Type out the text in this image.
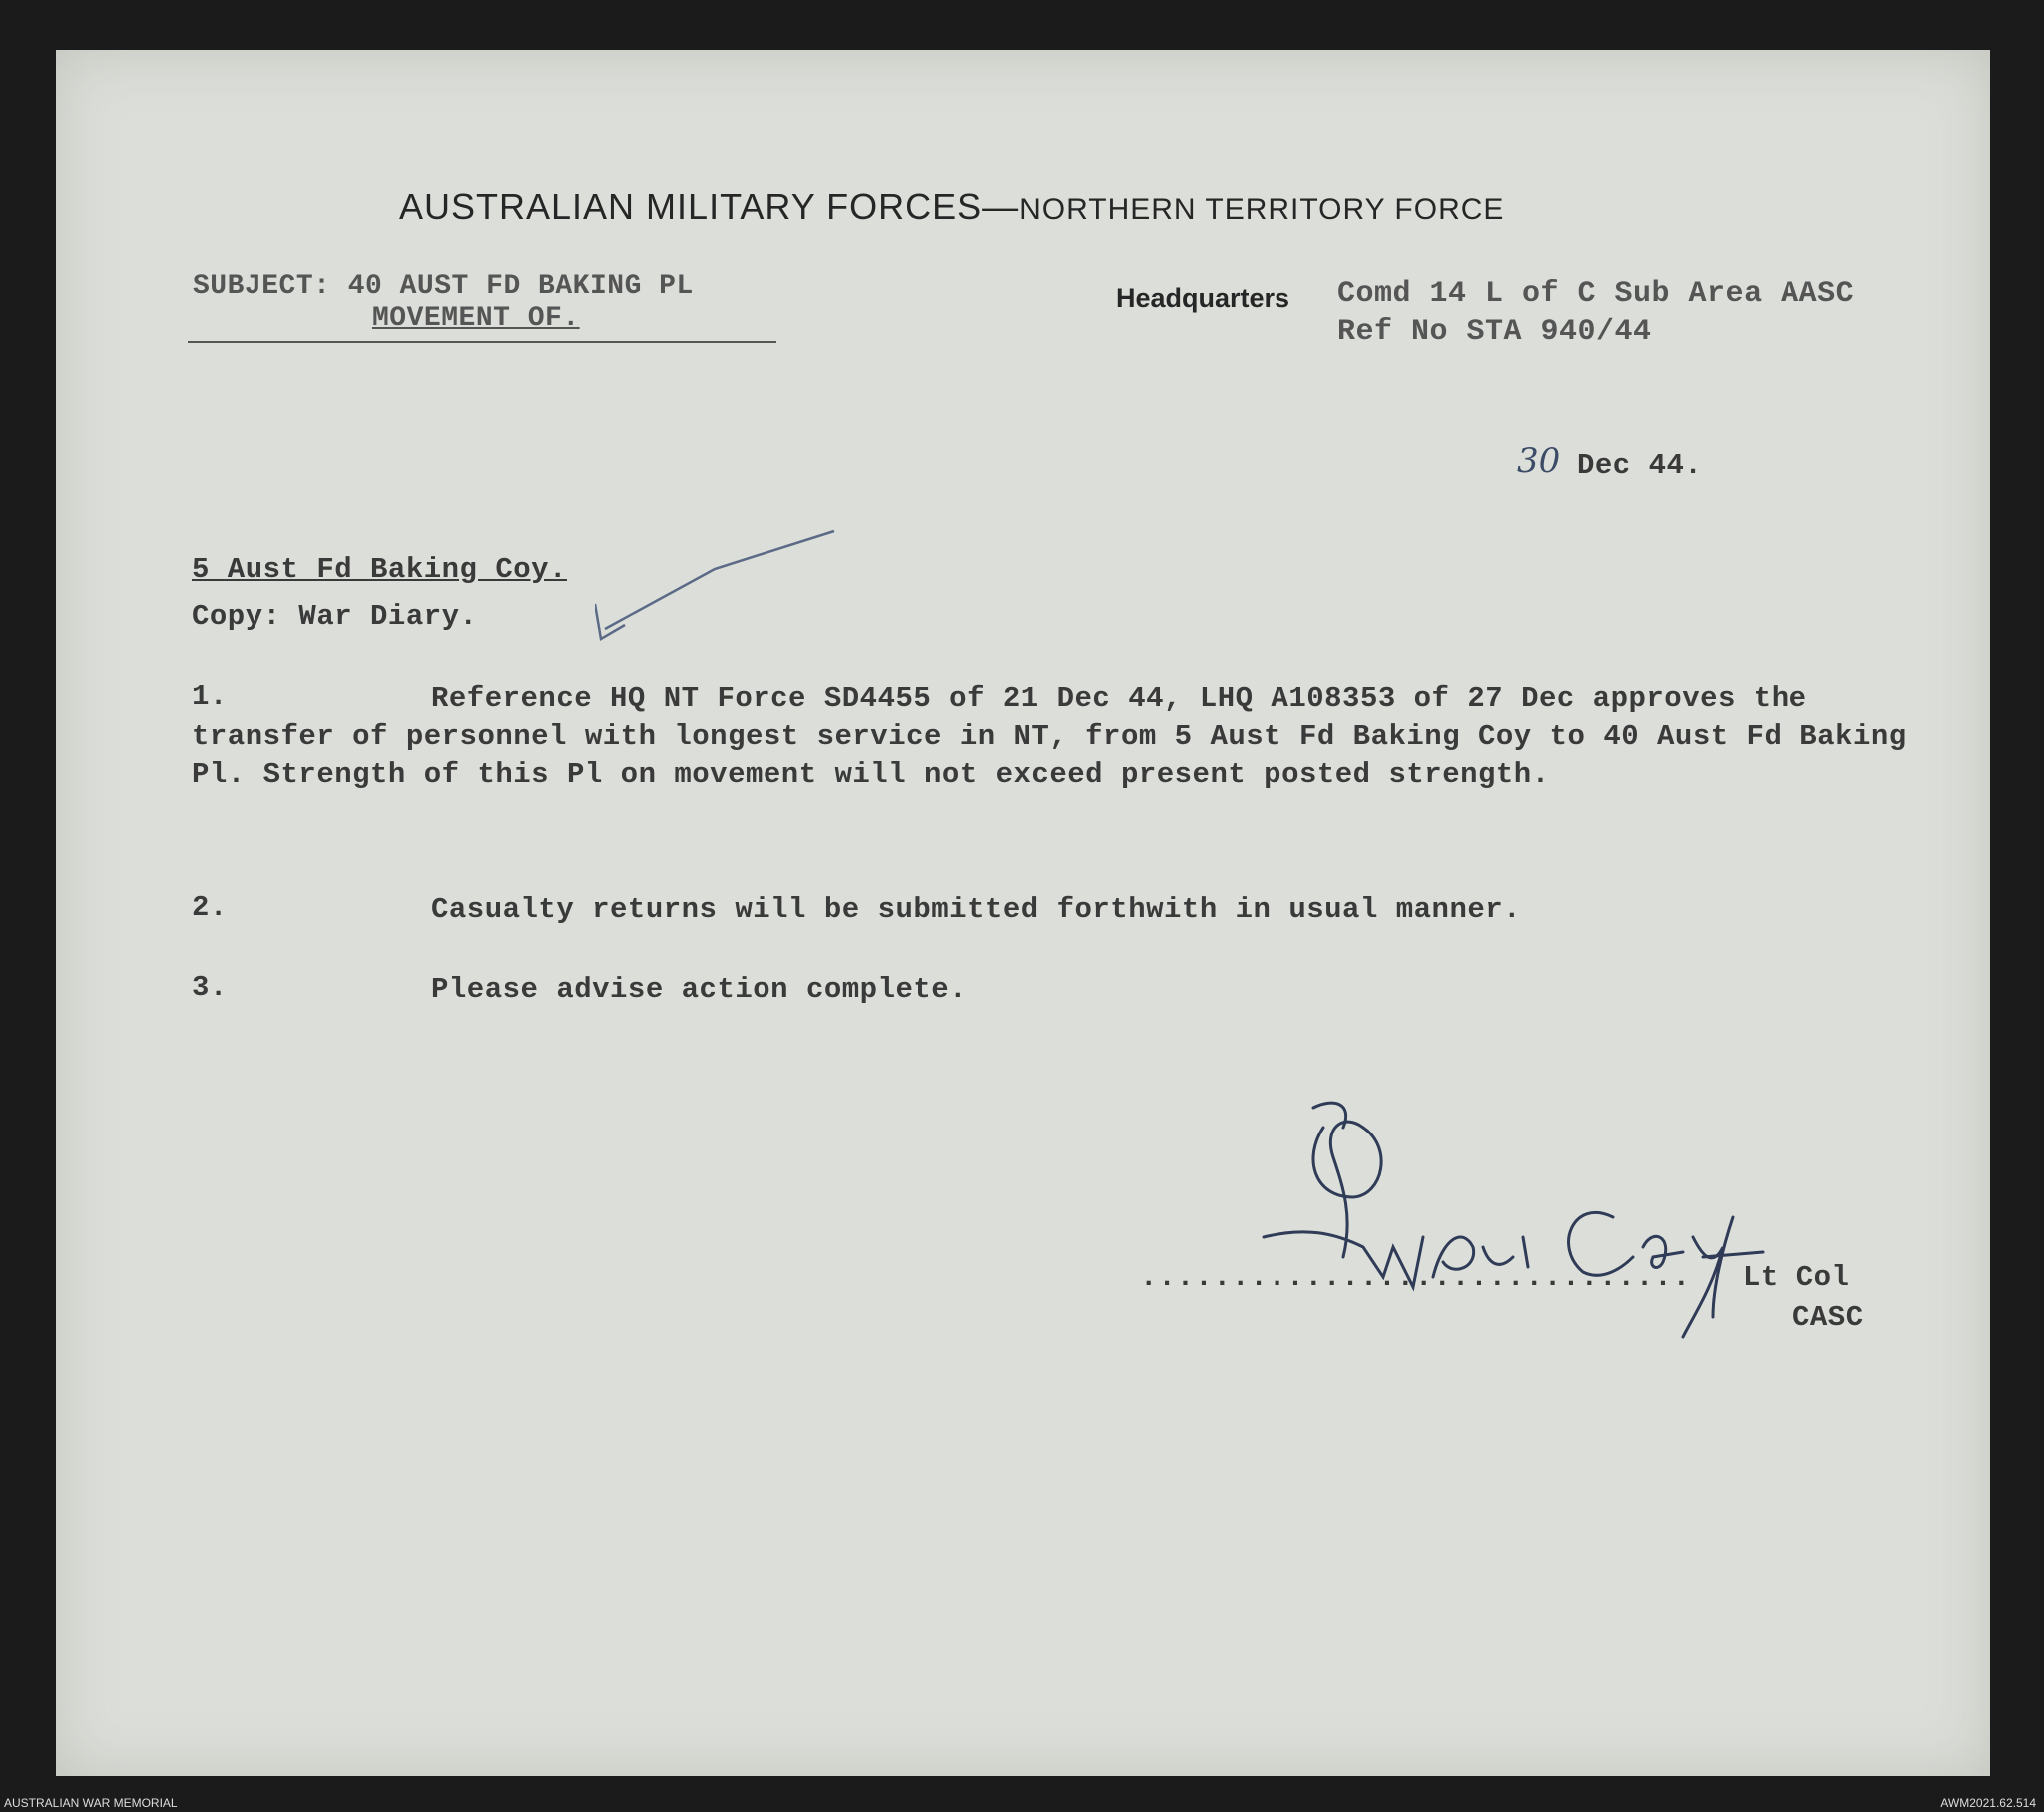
AUSTRALIAN MILITARY FORCES—NORTHERN TERRITORY FORCE
SUBJECT: 40 AUST FD BAKING PL
MOVEMENT OF.
Headquarters Comd 14 L of C Sub Area AASC
Ref No STA 940/44
30 Dec 44.
5 Aust Fd Baking Coy.
Copy: War Diary.
1.	Reference HQ NT Force SD4455 of 21 Dec 44, LHQ A108353 of 27 Dec approves the transfer of personnel with longest service in NT, from 5 Aust Fd Baking Coy to 40 Aust Fd Baking Pl. Strength of this Pl on movement will not exceed present posted strength.
2.	Casualty returns will be submitted forthwith in usual manner.
3.	Please advise action complete.
.............................. Lt Col
CASC
AUSTRALIAN WAR MEMORIAL	AWM2021.62.514
